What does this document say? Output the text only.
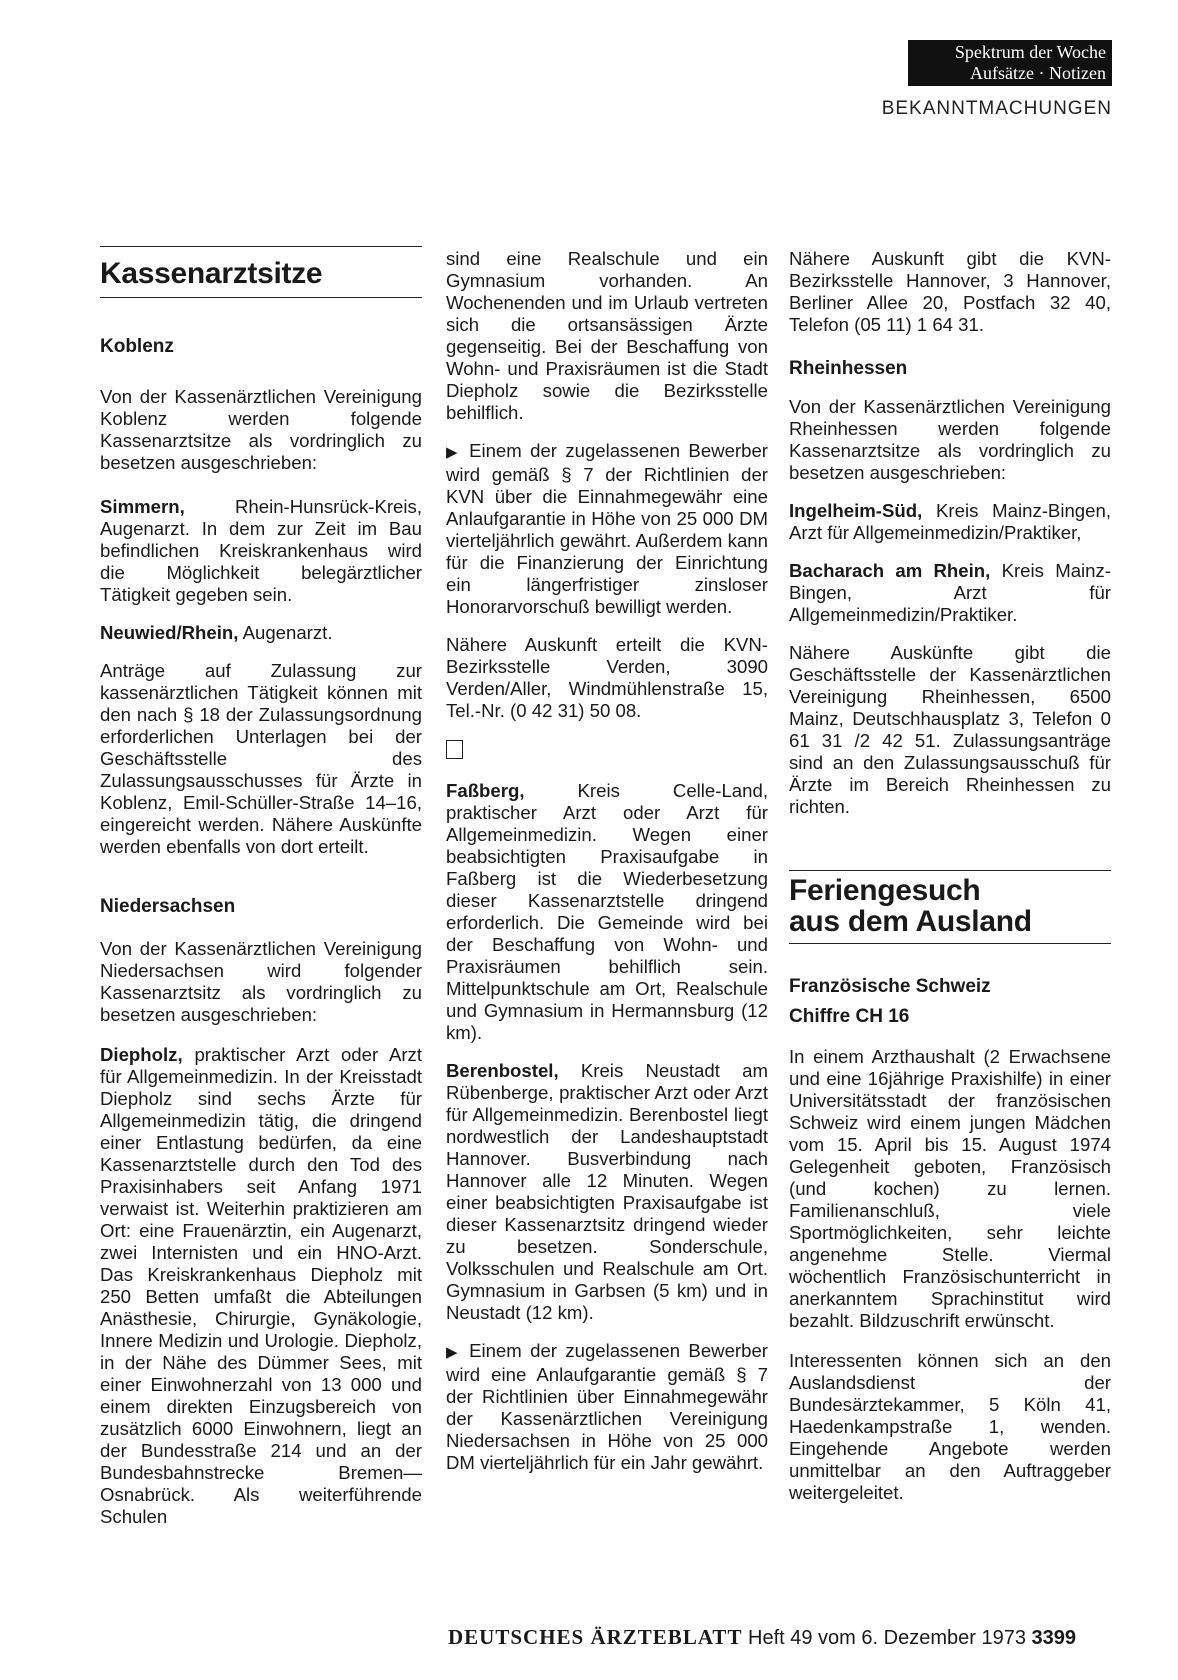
Spektrum der Woche
Aufsätze · Notizen
BEKANNTMACHUNGEN
Kassenarztsitze

Koblenz

Von der Kassenärztlichen Vereinigung Koblenz werden folgende Kassenarztsitze als vordringlich zu besetzen ausgeschrieben:

Simmern,	Rhein-Hunsrück-Kreis, Augenarzt. In dem zur Zeit im Bau befindlichen Kreiskrankenhaus wird die Möglichkeit belegärztlicher Tätigkeit gegeben sein.

Neuwied/Rhein, Augenarzt.

Anträge auf Zulassung zur kassenärztlichen Tätigkeit können mit den nach § 18 der Zulassungsordnung erforderlichen Unterlagen bei der Geschäftsstelle des Zulassungsausschusses für Ärzte in Koblenz, Emil-Schüller-Straße 14–16, eingereicht werden. Nähere Auskünfte werden ebenfalls von dort erteilt.

Niedersachsen

Von der Kassenärztlichen Vereinigung Niedersachsen wird folgender Kassenarztsitz als vordringlich zu besetzen ausgeschrieben:

Diepholz, praktischer Arzt oder Arzt für Allgemeinmedizin. In der Kreisstadt Diepholz sind sechs Ärzte für Allgemeinmedizin tätig, die dringend einer Entlastung bedürfen, da eine Kassenarztstelle durch den Tod des Praxisinhabers seit Anfang 1971 verwaist ist. Weiterhin praktizieren am Ort: eine Frauenärztin, ein Augenarzt, zwei Internisten und ein HNO-Arzt. Das Kreiskrankenhaus Diepholz mit 250 Betten umfaßt die Abteilungen Anästhesie, Chirurgie, Gynäkologie, Innere Medizin und Urologie. Diepholz, in der Nähe des Dümmer Sees, mit einer Einwohnerzahl von 13 000 und einem direkten Einzugsbereich von zusätzlich 6000 Einwohnern, liegt an der Bundesstraße 214 und an der Bundesbahnstrecke Bremen—Osnabrück. Als weiterführende Schulen

sind eine Realschule und ein Gymnasium vorhanden. An Wochenenden und im Urlaub vertreten sich die ortsansässigen Ärzte gegenseitig. Bei der Beschaffung von Wohn- und Praxisräumen ist die Stadt Diepholz sowie die Bezirksstelle behilflich.

▶ Einem der zugelassenen Bewerber wird gemäß § 7 der Richtlinien der KVN über die Einnahmegewähr eine Anlaufgarantie in Höhe von 25 000 DM vierteljährlich gewährt. Außerdem kann für die Finanzierung der Einrichtung ein längerfristiger zinsloser Honorarvorschuß bewilligt werden.

Nähere Auskunft erteilt die KVN-Bezirksstelle Verden, 3090 Verden/Aller, Windmühlenstraße 15, Tel.-Nr. (0 42 31) 50 08.

Faßberg,	Kreis Celle-Land, praktischer Arzt oder Arzt für Allgemeinmedizin. Wegen einer beabsichtigten Praxisaufgabe in Faßberg ist die Wiederbesetzung dieser Kassenarztstelle dringend erforderlich. Die Gemeinde wird bei der Beschaffung von Wohn- und Praxisräumen behilflich sein. Mittelpunktschule am Ort, Realschule und Gymnasium in Hermannsburg (12 km).

Berenbostel, Kreis Neustadt am Rübenberge, praktischer Arzt oder Arzt für Allgemeinmedizin. Berenbostel liegt nordwestlich der Landeshauptstadt Hannover. Busverbindung nach Hannover alle 12 Minuten. Wegen einer beabsichtigten Praxisaufgabe ist dieser Kassenarztsitz dringend wieder zu besetzen. Sonderschule, Volksschulen und Realschule am Ort. Gymnasium in Garbsen (5 km) und in Neustadt (12 km).

▶ Einem der zugelassenen Bewerber wird eine Anlaufgarantie gemäß § 7 der Richtlinien über Einnahmegewähr der Kassenärztlichen Vereinigung Niedersachsen in Höhe von 25 000 DM vierteljährlich für ein Jahr gewährt.

Nähere Auskunft gibt die KVN-Bezirksstelle Hannover, 3 Hannover, Berliner Allee 20, Postfach 32 40, Telefon (05 11) 1 64 31.

Rheinhessen

Von der Kassenärztlichen Vereinigung Rheinhessen werden folgende Kassenarztsitze als vordringlich zu besetzen ausgeschrieben:

Ingelheim-Süd, Kreis Mainz-Bingen, Arzt für Allgemeinmedizin/Praktiker,

Bacharach am Rhein, Kreis Mainz-Bingen, Arzt für Allgemeinmedizin/Praktiker.

Nähere Auskünfte gibt die Geschäftsstelle der Kassenärztlichen Vereinigung Rheinhessen, 6500 Mainz, Deutschhausplatz 3, Telefon 0 61 31 /2 42 51. Zulassungsanträge sind an den Zulassungsausschuß für Ärzte im Bereich Rheinhessen zu richten.

Feriengesuch
aus dem Ausland

Französische Schweiz

Chiffre CH 16

In einem Arzthaushalt (2 Erwachsene und eine 16jährige Praxishilfe) in einer Universitätsstadt der französischen Schweiz wird einem jungen Mädchen vom 15. April bis 15. August 1974 Gelegenheit geboten, Französisch (und kochen) zu lernen. Familienanschluß, viele Sportmöglichkeiten, sehr leichte angenehme Stelle. Viermal wöchentlich Französischunterricht in anerkanntem Sprachinstitut wird bezahlt. Bildzuschrift erwünscht.

Interessenten können sich an den Auslandsdienst der Bundesärztekammer, 5 Köln 41, Haedenkampstraße 1, wenden. Eingehende Angebote werden unmittelbar an den Auftraggeber weitergeleitet.

DEUTSCHES ÄRZTEBLATT Heft 49 vom 6. Dezember 1973 3399
